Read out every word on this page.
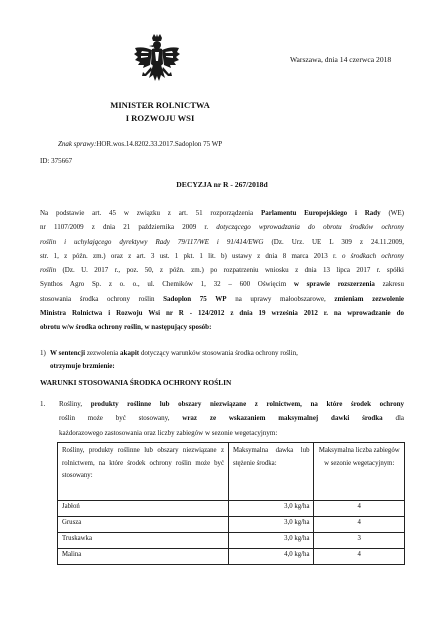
Warszawa, dnia 14 czerwca 2018
MINISTER ROLNICTWA
I ROZWOJU WSI
Znak sprawy:HOR.wos.14.8202.33.2017.Sadoplon 75 WP
ID: 375667
DECYZJA nr R - 267/2018d
Na podstawie art. 45 w związku z art. 51 rozporządzenia Parlamentu Europejskiego i Rady (WE)
nr 1107/2009 z dnia 21 października 2009 r. dotyczącego wprowadzania do obrotu środków ochrony
roślin i uchylającego dyrektywy Rady 79/117/WE i 91/414/EWG (Dz. Urz. UE L 309 z 24.11.2009,
str. 1, z późn. zm.) oraz z art. 3 ust. 1 pkt. 1 lit. b) ustawy z dnia 8 marca 2013 r. o środkach ochrony
roślin (Dz. U. 2017 r., poz. 50, z późn. zm.) po rozpatrzeniu wniosku z dnia 13 lipca 2017 r. spółki
Synthos Agro Sp. z o. o., ul. Chemików 1, 32 – 600 Oświęcim w sprawie rozszerzenia zakresu
stosowania środka ochrony roślin Sadoplon 75 WP na uprawy małoobszarowe, zmieniam zezwolenie
Ministra Rolnictwa i Rozwoju Wsi nr R - 124/2012 z dnia 19 września 2012 r. na wprowadzanie do
obrotu w/w środka ochrony roślin, w następujący sposób:
1) W sentencji zezwolenia akapit dotyczący warunków stosowania środka ochrony roślin,
otrzymuje brzmienie:
WARUNKI STOSOWANIA ŚRODKA OCHRONY ROŚLIN
1. Rośliny, produkty roślinne lub obszary niezwiązane z rolnictwem, na które środek ochrony
roślin może być stosowany, wraz ze wskazaniem maksymalnej dawki środka dla
każdorazowego zastosowania oraz liczby zabiegów w sezonie wegetacyjnym:
Rośliny, produkty roślinne lub obszary niezwiązane z rolnictwem, na które środek ochrony roślin może być stosowany:	Maksymalna dawka lub stężenie środka:	Maksymalna liczba zabiegów w sezonie wegetacyjnym:
Jabłoń	3,0 kg/ha	4
Grusza	3,0 kg/ha	4
Truskawka	3,0 kg/ha	3
Malina	4,0 kg/ha	4
